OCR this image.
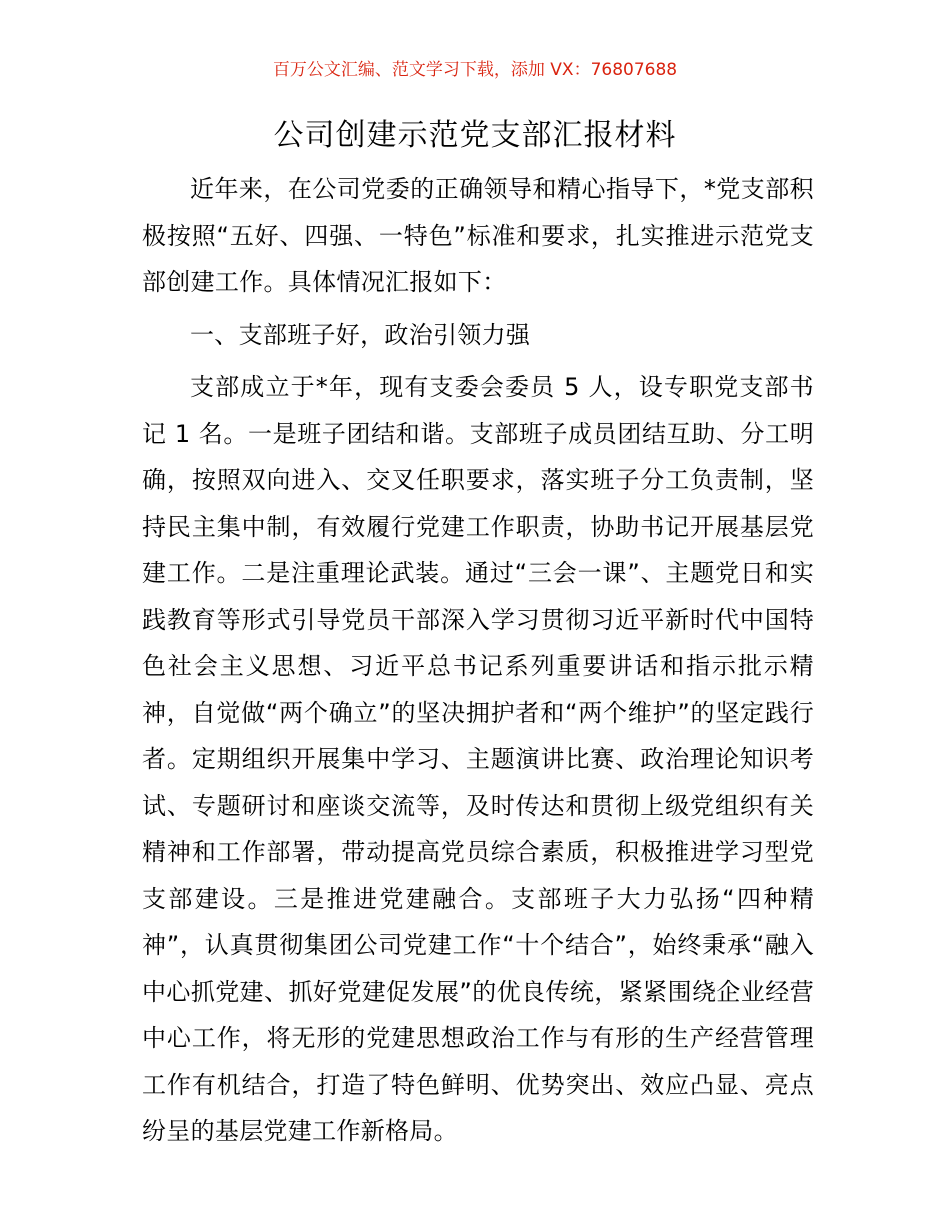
百万公文汇编、范文学习下载，添加 VX：76807688
公司创建示范党支部汇报材料

近年来，在公司党委的正确领导和精心指导下，*党支部积极按照“五好、四强、一特色”标准和要求，扎实推进示范党支部创建工作。具体情况汇报如下：

一、支部班子好，政治引领力强

支部成立于*年，现有支委会委员 5 人，设专职党支部书记 1 名。一是班子团结和谐。支部班子成员团结互助、分工明确，按照双向进入、交叉任职要求，落实班子分工负责制，坚持民主集中制，有效履行党建工作职责，协助书记开展基层党建工作。二是注重理论武装。通过“三会一课”、主题党日和实践教育等形式引导党员干部深入学习贯彻习近平新时代中国特色社会主义思想、习近平总书记系列重要讲话和指示批示精神，自觉做“两个确立”的坚决拥护者和“两个维护”的坚定践行者。定期组织开展集中学习、主题演讲比赛、政治理论知识考试、专题研讨和座谈交流等，及时传达和贯彻上级党组织有关精神和工作部署，带动提高党员综合素质，积极推进学习型党支部建设。三是推进党建融合。支部班子大力弘扬“四种精神”，认真贯彻集团公司党建工作“十个结合”，始终秉承“融入中心抓党建、抓好党建促发展”的优良传统，紧紧围绕企业经营中心工作，将无形的党建思想政治工作与有形的生产经营管理工作有机结合，打造了特色鲜明、优势突出、效应凸显、亮点纷呈的基层党建工作新格局。
